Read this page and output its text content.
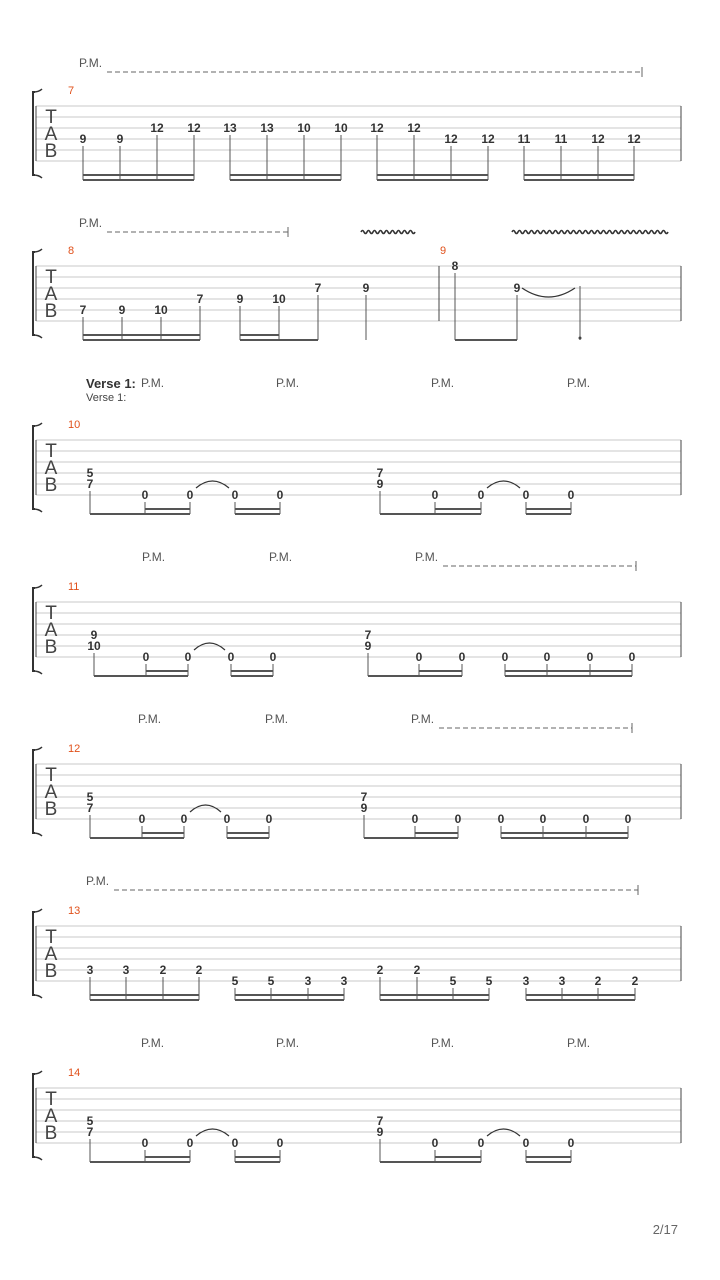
T
A
B
7
P.M.
9	9
12 12 13 13 10 10 12 12
12 12 11 11 12 12
T
A
B
8	9
P.M.
7	9 10
7	9 10
7	9
8
9
T
A
B
10
Verse 1:
Verse 1:
P.M.	P.M.	P.M.	P.M.
5
7
0	0	0	0
7
9
0	0	0	0
T
A
B
11
P.M.	P.M.	P.M.
9
10
0	0	0	0
7
9
0	0	0	0	0	0
T
A
B
12
P.M.	P.M.	P.M.
5
7
0	0	0	0
7
9
0	0	0	0	0	0
T
A
B
13
P.M.
3 3	2 2
5 5	3 3
2	2
5 5	3 3 2	2
T
A
B
14
P.M.	P.M.	P.M.	P.M.
5
7
0	0	0	0
7
9
0	0	0	0
2/17
